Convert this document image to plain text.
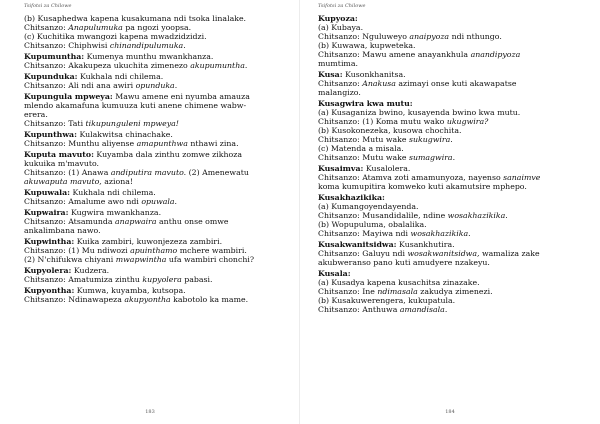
Tsifotsi za Chilowe
(b) Kusaphedwa kapena kusakumana ndi tsoka linalake.
Chitsanzo: Anapulumuka pa ngozi yoopsa.
(c) Kuchitika mwangozi kapena mwadzidzidzi.
Chitsanzo: Chiphwisi chinandipulumuka.
Kupumuntha: Kumenya munthu mwankhanza.
Chitsanzo: Akakupeza ukuchita zimenezo akupumuntha.
Kupunduka: Kukhala ndi chilema.
Chitsanzo: Ali ndi ana awiri opunduka.
Kupungula mpweya: Mawu amene eni nyumba amauza
mlendo akamafuna kumuuza kuti anene chimene wabw-
erera.
Chitsanzo: Tati tikupunguleni mpweya!
Kupunthwa: Kulakwitsa chinachake.
Chitsanzo: Munthu aliyense amapunthwa nthawi zina.
Kuputa mavuto: Kuyamba dala zinthu zomwe zikhoza
kukuika m'mavuto.
Chitsanzo: (1) Anawa andiputira mavuto. (2) Amenewatu
akuwaputa mavuto, aziona!
Kupuwala: Kukhala ndi chilema.
Chitsanzo: Amalume awo ndi opuwala.
Kupwaira: Kugwira mwankhanza.
Chitsanzo: Atsamunda anapwaira anthu onse omwe
ankalimbana nawo.
Kupwintha: Kuika zambiri, kuwonjezeza zambiri.
Chitsanzo: (1) Mu ndiwozi apuinthamo mchere wambiri.
(2) N'chifukwa chiyani mwapwintha ufa wambiri chonchi?
Kupyolera: Kudzera.
Chitsanzo: Amatumiza zinthu kupyolera pabasi.
Kupyontha: Kumwa, kuyamba, kutsopa.
Chitsanzo: Ndinawapeza akupyontha kabotolo ka mame.
183
Tsifotsi za Chilowe
Kupyoza:
(a) Kubaya.
Chitsanzo: Nguluweyo anaipyoza ndi nthungo.
(b) Kuwawa, kupweteka.
Chitsanzo: Mawu amene anayankhula anandipyoza
mumtima.
Kusa: Kusonkhanitsa.
Chitsanzo: Anakusa azimayi onse kuti akawapatse
malangizo.
Kusagwira kwa mutu:
(a) Kusaganiza bwino, kusayenda bwino kwa mutu.
Chitsanzo: (1) Koma mutu wako ukugwira?
(b) Kusokonezeka, kusowa chochita.
Chitsanzo: Mutu wake sukugwira.
(c) Matenda a misala.
Chitsanzo: Mutu wake sumagwira.
Kusaimva: Kusalolera.
Chitsanzo: Atamva zoti amamunyoza, nayenso sanaimve
koma kumupitira komweko kuti akamutsire mphepo.
Kusakhazikika:
(a) Kumangoyendayenda.
Chitsanzo: Musandidalile, ndine wosakhazikika.
(b) Wopupuluma, obalalika.
Chitsanzo: Mayiwa ndi wosakhazikika.
Kusakwanitsidwa: Kusankhutira.
Chitsanzo: Galuyu ndi wosakwanitsidwa, wamaliza zake
akubweranso pano kuti amudyere nzakeyu.
Kusala:
(a) Kusadya kapena kusachitsa zinazake.
Chitsanzo: Ine ndimasala zakudya zimenezi.
(b) Kusakuwerengera, kukupatula.
Chitsanzo: Anthuwa amandisala.
184
